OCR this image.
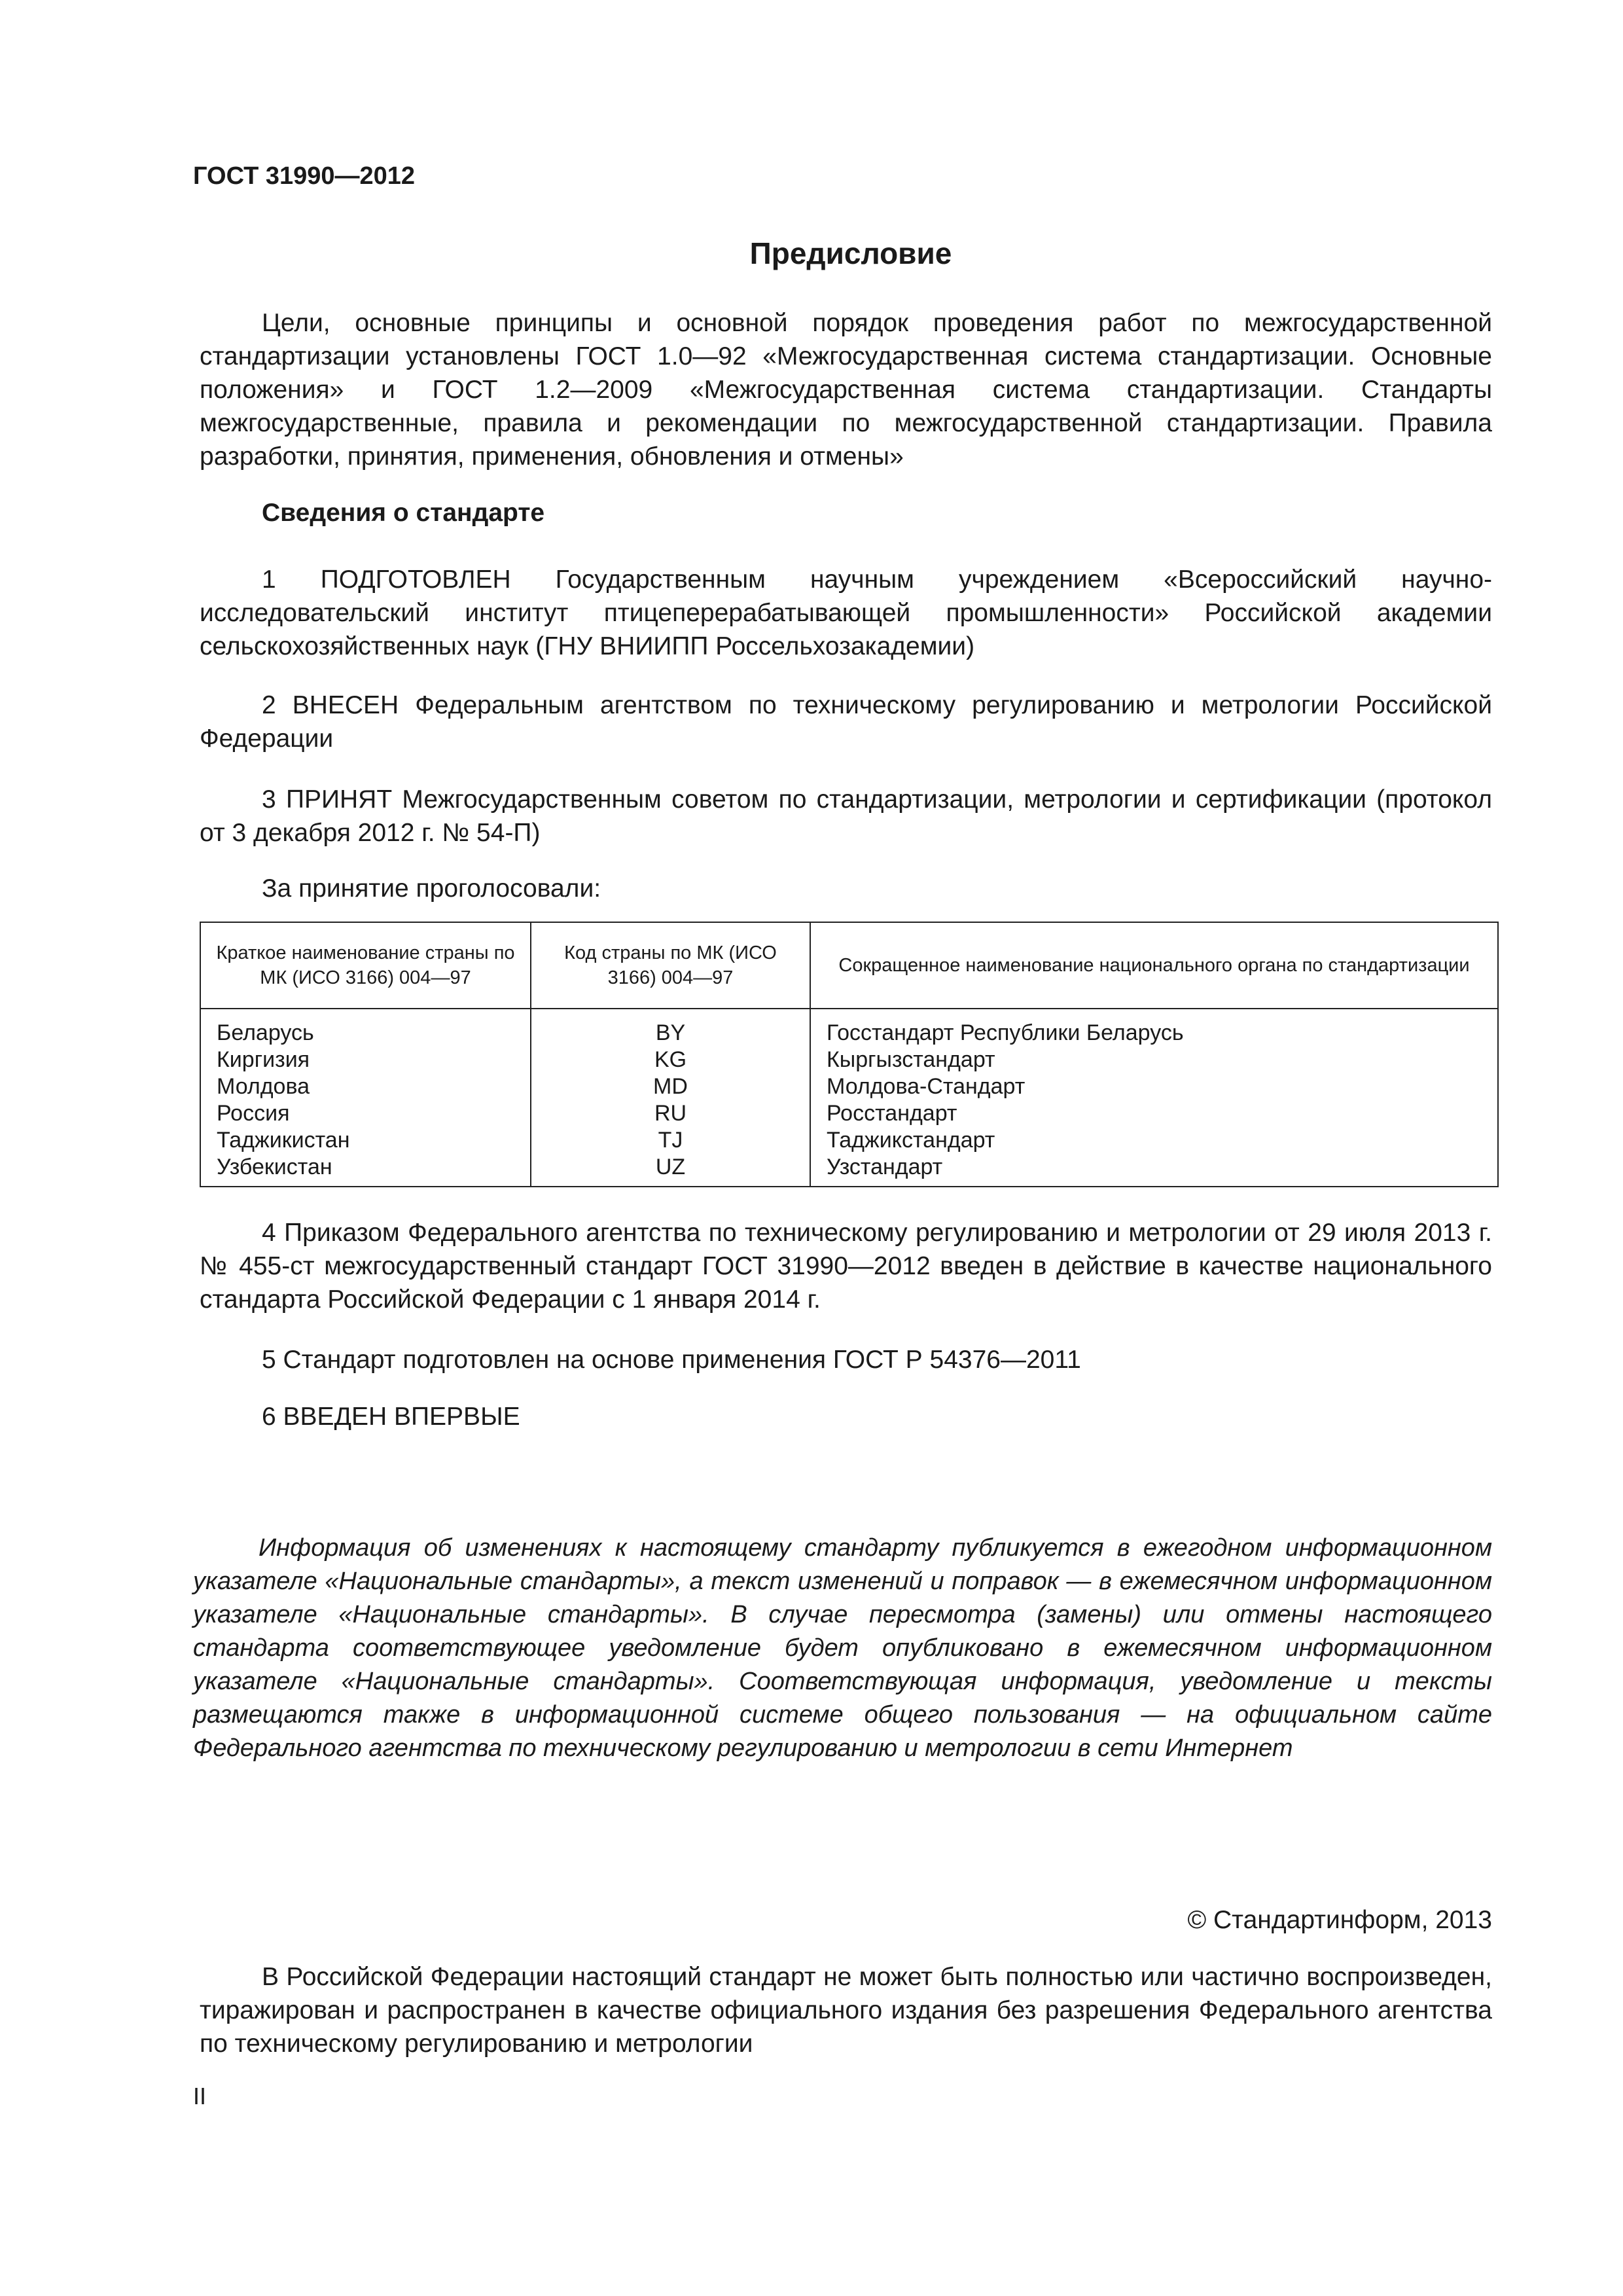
ГОСТ 31990—2012
Предисловие

Цели, основные принципы и основной порядок проведения работ по межгосударственной стандартизации установлены ГОСТ 1.0—92 «Межгосударственная система стандартизации. Основные положения» и ГОСТ 1.2—2009 «Межгосударственная система стандартизации. Стандарты межгосударственные, правила и рекомендации по межгосударственной стандартизации. Правила разработки, принятия, применения, обновления и отмены»

Сведения о стандарте

1 ПОДГОТОВЛЕН Государственным научным учреждением «Всероссийский научно-исследовательский институт птицеперерабатывающей промышленности» Российской академии сельскохозяйственных наук (ГНУ ВНИИПП Россельхозакадемии)

2 ВНЕСЕН Федеральным агентством по техническому регулированию и метрологии Российской Федерации

3 ПРИНЯТ Межгосударственным советом по стандартизации, метрологии и сертификации (протокол от 3 декабря 2012 г. № 54-П)

За принятие проголосовали:
Краткое наименование страны по МК (ИСО 3166) 004—97	Код страны по МК (ИСО 3166) 004—97	Сокращенное наименование национального органа по стандартизации
Беларусь	BY	Госстандарт Республики Беларусь
Киргизия	KG	Кыргызстандарт
Молдова	MD	Молдова-Стандарт
Россия	RU	Росстандарт
Таджикистан	TJ	Таджикстандарт
Узбекистан	UZ	Узстандарт

4 Приказом Федерального агентства по техническому регулированию и метрологии от 29 июля 2013 г. № 455-ст межгосударственный стандарт ГОСТ 31990—2012 введен в действие в качестве национального стандарта Российской Федерации с 1 января 2014 г.

5 Стандарт подготовлен на основе применения ГОСТ Р 54376—2011
6 ВВЕДЕН ВПЕРВЫЕ

Информация об изменениях к настоящему стандарту публикуется в ежегодном информационном указателе «Национальные стандарты», а текст изменений и поправок — в ежемесячном информационном указателе «Национальные стандарты». В случае пересмотра (замены) или отмены настоящего стандарта соответствующее уведомление будет опубликовано в ежемесячном информационном указателе «Национальные стандарты». Соответствующая информация, уведомление и тексты размещаются также в информационной системе общего пользования — на официальном сайте Федерального агентства по техническому регулированию и метрологии в сети Интернет

© Стандартинформ, 2013

В Российской Федерации настоящий стандарт не может быть полностью или частично воспроизведен, тиражирован и распространен в качестве официального издания без разрешения Федерального агентства по техническому регулированию и метрологии

II
